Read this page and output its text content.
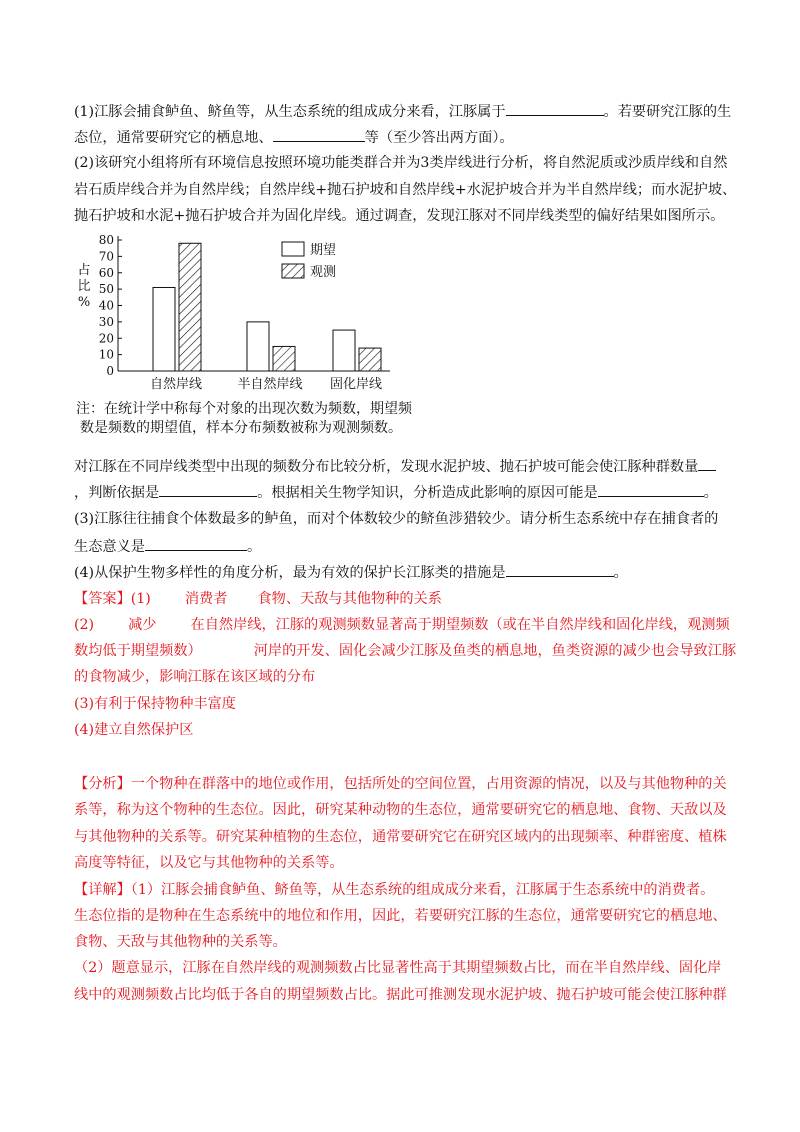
(1)江豚会捕食鲈鱼、鲚鱼等，从生态系统的组成成分来看，江豚属于	。若要研究江豚的生
态位，通常要研究它的栖息地、	等（至少答出两方面）。
(2)该研究小组将所有环境信息按照环境功能类群合并为3类岸线进行分析，将自然泥质或沙质岸线和自然
岩石质岸线合并为自然岸线；自然岸线+抛石护坡和自然岸线+水泥护坡合并为半自然岸线；而水泥护坡、
抛石护坡和水泥+抛石护坡合并为固化岸线。通过调查，发现江豚对不同岸线类型的偏好结果如图所示。
占
比
%
0
10
20
30
40
50
60
70
80
自然岸线	半自然岸线 固化岸线
期望
观测
注：在统计学中称每个对象的出现次数为频数，期望频
数是频数的期望值，样本分布频数被称为观测频数。
对江豚在不同岸线类型中出现的频数分布比较分析，发现水泥护坡、抛石护坡可能会使江豚种群数量
，判断依据是	。根据相关生物学知识，分析造成此影响的原因可能是	。
(3)江豚往往捕食个体数最多的鲈鱼，而对个体数较少的鲚鱼涉猎较少。请分析生态系统中存在捕食者的
生态意义是	。
(4)从保护生物多样性的角度分析，最为有效的保护长江豚类的措施是	。
【答案】(1) 消费者 食物、天敌与其他物种的关系
(2) 减少 在自然岸线，江豚的观测频数显著高于期望频数（或在半自然岸线和固化岸线，观测频
数均低于期望频数）	河岸的开发、固化会减少江豚及鱼类的栖息地，鱼类资源的减少也会导致江豚
的食物减少，影响江豚在该区域的分布
(3)有利于保持物种丰富度
(4)建立自然保护区
【分析】一个物种在群落中的地位或作用，包括所处的空间位置，占用资源的情况，以及与其他物种的关
系等，称为这个物种的生态位。因此，研究某种动物的生态位，通常要研究它的栖息地、食物、天敌以及
与其他物种的关系等。研究某种植物的生态位，通常要研究它在研究区域内的出现频率、种群密度、植株
高度等特征，以及它与其他物种的关系等。
【详解】（1）江豚会捕食鲈鱼、鲚鱼等，从生态系统的组成成分来看，江豚属于生态系统中的消费者。
生态位指的是物种在生态系统中的地位和作用，因此，若要研究江豚的生态位，通常要研究它的栖息地、
食物、天敌与其他物种的关系等。
（2）题意显示，江豚在自然岸线的观测频数占比显著性高于其期望频数占比，而在半自然岸线、固化岸
线中的观测频数占比均低于各自的期望频数占比。据此可推测发现水泥护坡、抛石护坡可能会使江豚种群
